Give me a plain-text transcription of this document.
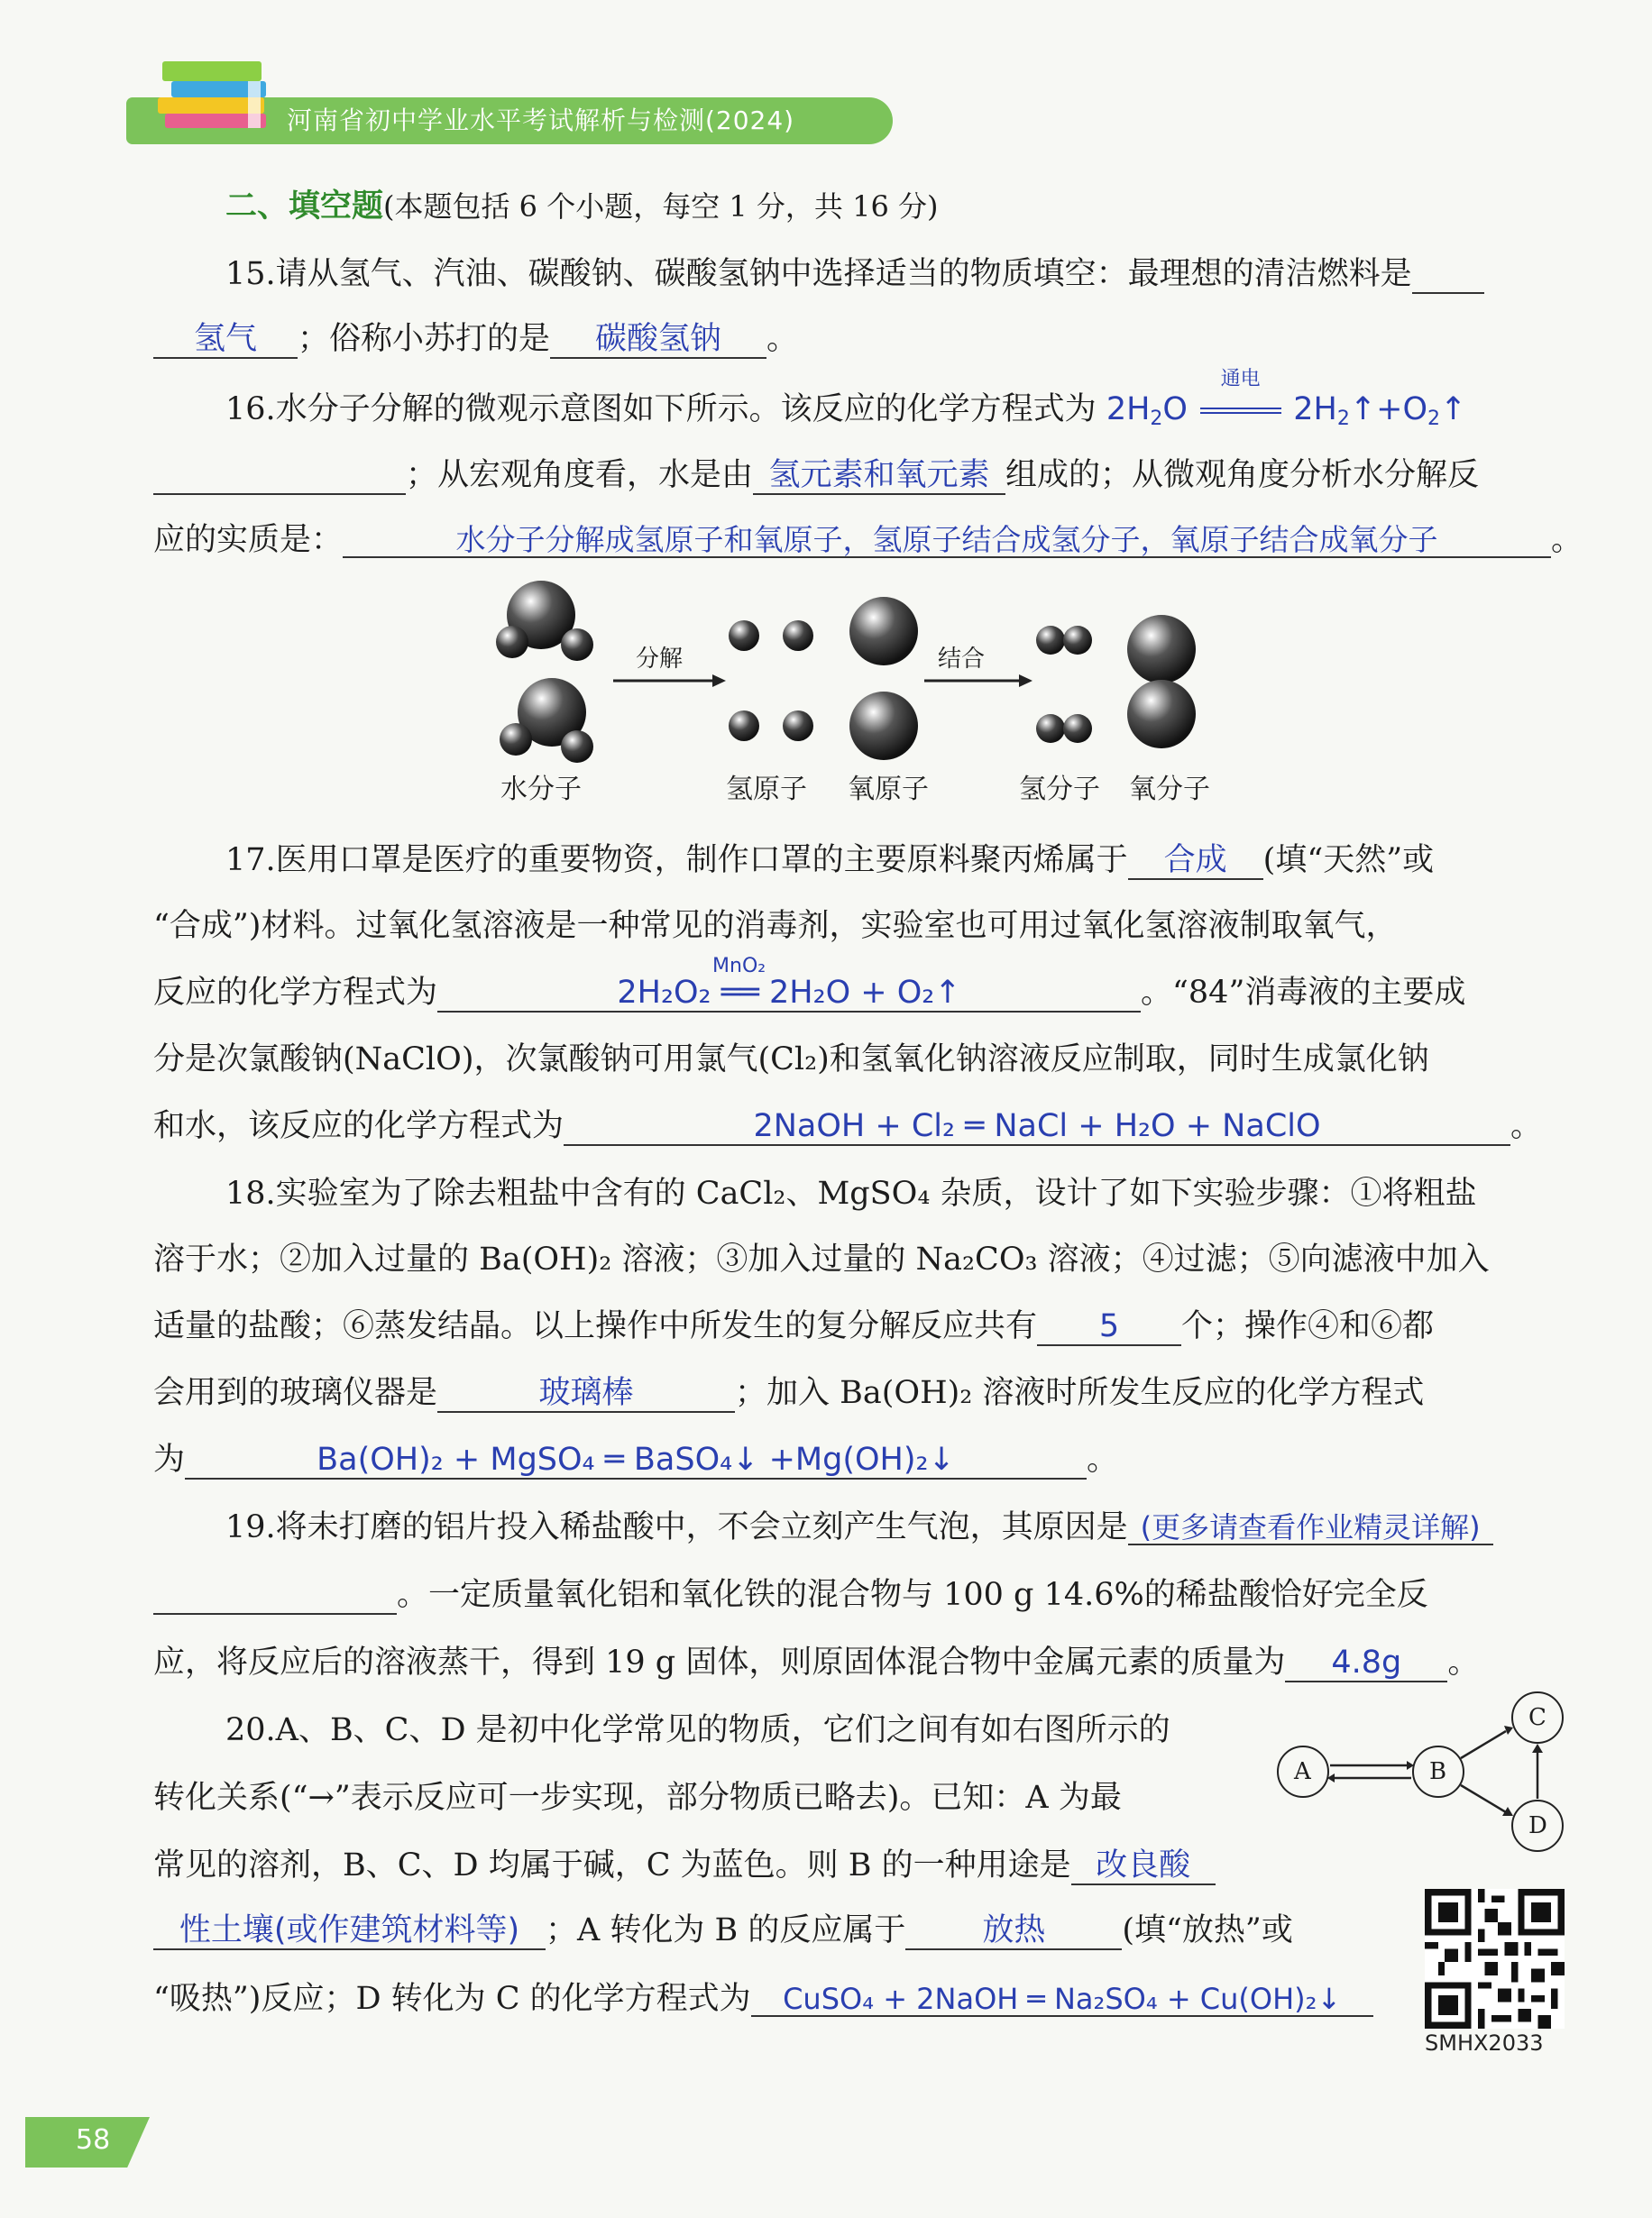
河南省初中学业水平考试解析与检测(2024)
二、填空题(本题包括 6 个小题，每空 1 分，共 16 分)
15.请从氢气、汽油、碳酸钠、碳酸氢钠中选择适当的物质填空：最理想的清洁燃料是
氢气 ；俗称小苏打的是 碳酸氢钠 。
16.水分子分解的微观示意图如下所示。该反应的化学方程式为 $2H_2O$
通电
$2H_2↑+O_2↑$
；从宏观角度看，水是由 氢元素和氧元素 组成的；从微观角度分析水分解反
应的实质是：	水分子分解成氢原子和氧原子，氢原子结合成氢分子，氧原子结合成氧分子	。
分解	结合
水分子	氢原子 氧原子	氢分子 氧分子
17.医用口罩是医疗的重要物资，制作口罩的主要原料聚丙烯属于 合成 (填“天然”或
“合成”)材料。过氧化氢溶液是一种常见的消毒剂，实验室也可用过氧化氢溶液制取氧气，
反应的化学方程式为
MnO₂
2H₂O₂ ══ 2H₂O + O₂↑	。“84”消毒液的主要成
分是次氯酸钠(NaClO)，次氯酸钠可用氯气(Cl₂)和氢氧化钠溶液反应制取，同时生成氯化钠
和水，该反应的化学方程式为	2NaOH + Cl₂ ═ NaCl + H₂O + NaClO	。
18.实验室为了除去粗盐中含有的 CaCl₂、MgSO₄ 杂质，设计了如下实验步骤：①将粗盐
溶于水；②加入过量的 Ba(OH)₂ 溶液；③加入过量的 Na₂CO₃ 溶液；④过滤；⑤向滤液中加入
适量的盐酸；⑥蒸发结晶。以上操作中所发生的复分解反应共有 5 个；操作④和⑥都
会用到的玻璃仪器是	玻璃棒	；加入 Ba(OH)₂ 溶液时所发生反应的化学方程式
为	Ba(OH)₂ + MgSO₄ ═ BaSO₄↓ +Mg(OH)₂↓	。
19.将未打磨的铝片投入稀盐酸中，不会立刻产生气泡，其原因是 (更多请查看作业精灵详解)
。一定质量氧化铝和氧化铁的混合物与 100 g 14.6%的稀盐酸恰好完全反
应，将反应后的溶液蒸干，得到 19 g 固体，则原固体混合物中金属元素的质量为 4.8g 。
20.A、B、C、D 是初中化学常见的物质，它们之间有如右图所示的
转化关系(“→”表示反应可一步实现，部分物质已略去)。已知：A 为最
常见的溶剂，B、C、D 均属于碱，C 为蓝色。则 B 的一种用途是 改良酸
性土壤(或作建筑材料等) ；A 转化为 B 的反应属于 放热 (填“放热”或
“吸热”)反应；D 转化为 C 的化学方程式为 CuSO₄ + 2NaOH ═ Na₂SO₄ + Cu(OH)₂↓
A	B
C
D
SMHX2033
58
